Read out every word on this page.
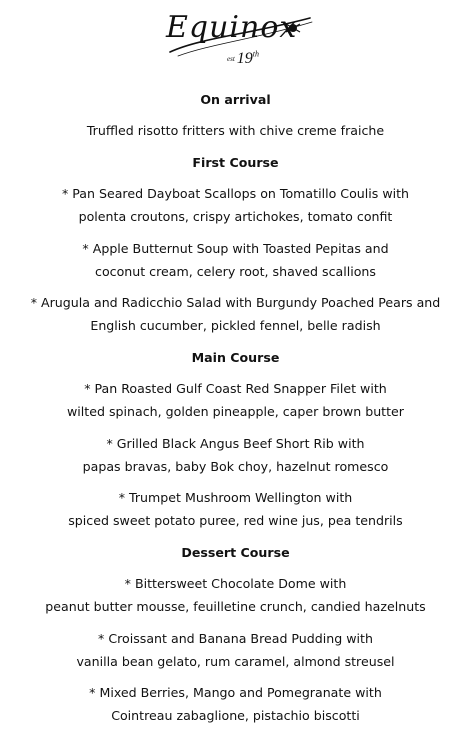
Equinox
est 19th
On arrival
Truffled risotto fritters with chive creme fraiche
First Course
* Pan Seared Dayboat Scallops on Tomatillo Coulis with
polenta croutons, crispy artichokes, tomato confit
* Apple Butternut Soup with Toasted Pepitas and
coconut cream, celery root, shaved scallions
* Arugula and Radicchio Salad with Burgundy Poached Pears and
English cucumber, pickled fennel, belle radish
Main Course
* Pan Roasted Gulf Coast Red Snapper Filet with
wilted spinach, golden pineapple, caper brown butter
* Grilled Black Angus Beef Short Rib with
papas bravas, baby Bok choy, hazelnut romesco
* Trumpet Mushroom Wellington with
spiced sweet potato puree, red wine jus, pea tendrils
Dessert Course
* Bittersweet Chocolate Dome with
peanut butter mousse, feuilletine crunch, candied hazelnuts
* Croissant and Banana Bread Pudding with
vanilla bean gelato, rum caramel, almond streusel
* Mixed Berries, Mango and Pomegranate with
Cointreau zabaglione, pistachio biscotti
